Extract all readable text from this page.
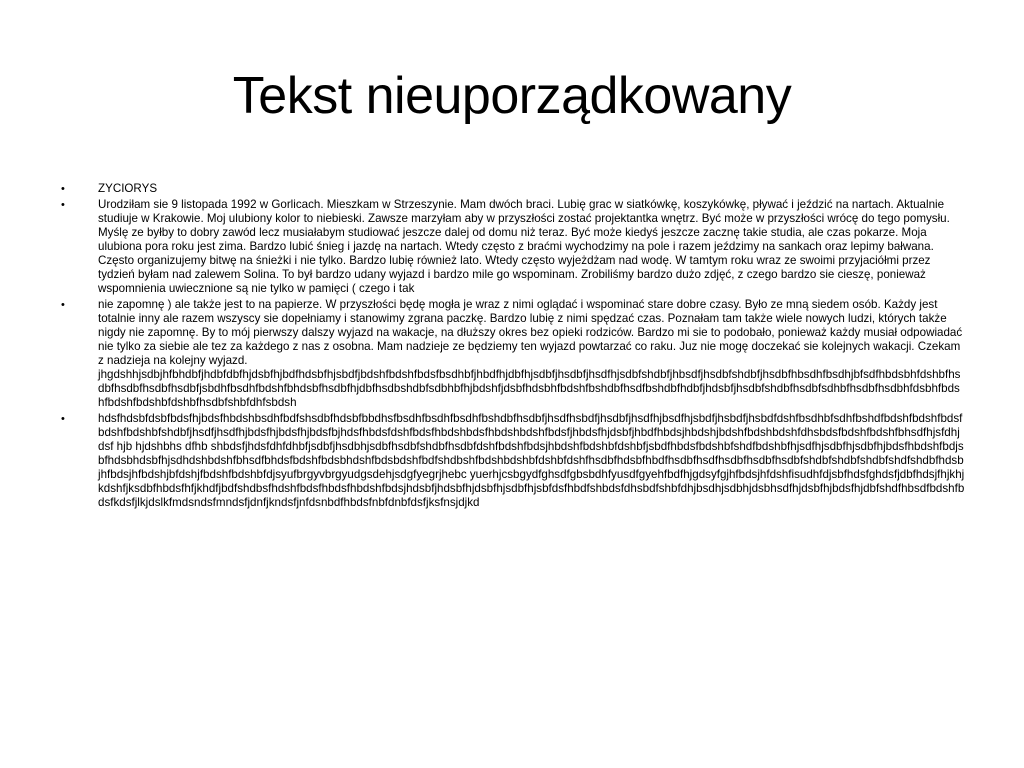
Tekst nieuporządkowany
•	ZYCIORYS
•	Urodziłam sie 9 listopada 1992 w Gorlicach. Mieszkam w Strzeszynie. Mam dwóch braci. Lubię grac w siatkówkę, koszykówkę, pływać i jeździć na nartach. Aktualnie studiuje w Krakowie. Moj ulubiony kolor to niebieski. Zawsze marzyłam aby w przyszłości zostać projektantka wnętrz. Być może w przyszłości wrócę do tego pomysłu. Myślę ze byłby to dobry zawód lecz musiałabym studiować jeszcze dalej od domu niż teraz. Być może kiedyś jeszcze zacznę takie studia, ale czas pokarze. Moja ulubiona pora roku jest zima. Bardzo lubić śnieg i jazdę na nartach. Wtedy często z braćmi wychodzimy na pole i razem jeździmy na sankach oraz lepimy bałwana. Często organizujemy bitwę na śnieżki i nie tylko. Bardzo lubię również lato. Wtedy często wyjeżdżam nad wodę. W tamtym roku wraz ze swoimi przyjaciółmi przez tydzień byłam nad zalewem Solina. To był bardzo udany wyjazd i bardzo mile go wspominam. Zrobiliśmy bardzo dużo zdjęć, z czego bardzo sie cieszę, ponieważ wspomnienia uwiecznione są nie tylko w pamięci ( czego i tak
•	nie zapomnę ) ale także jest to na papierze. W przyszłości będę mogła je wraz z nimi oglądać i wspominać stare dobre czasy. Było ze mną siedem osób. Każdy jest totalnie inny ale razem wszyscy sie dopełniamy i stanowimy zgrana paczkę. Bardzo lubię z nimi spędzać czas. Poznałam tam także wiele nowych ludzi, których także nigdy nie zapomnę. By to mój pierwszy dalszy wyjazd na wakacje, na dłuższy okres bez opieki rodziców. Bardzo mi sie to podobało, ponieważ każdy musiał odpowiadać nie tylko za siebie ale tez za każdego z nas z osobna. Mam nadzieje ze będziemy ten wyjazd powtarzać co raku. Juz nie mogę doczekać sie kolejnych wakacji. Czekam z nadzieja na kolejny wyjazd. jhgdshhjsdbjhfbhdbfjhdbfdbfhjdsbfhjbdfhdsbfhjsbdfjbdshfbdshfbdsfbsdhbfjhbdfhjdbfhjsdbfjhsdbfjhsdfhjsdbfshdbfjhbsdfjhsdbfshdbfjhsdbfhbsdhfbsdhjbfsdfhbdsbhfdshbfhsdbfhsdbfhsdbfhsdbfjsbdhfbsdhfbdshfbhdsbfhsdbfhjdbfhsdbshdbfsdbhbfhjbdshfjdsbfhdsbhfbdshfbshdbfhsdfbshdbfhdbfjhdsbfjhsdbfshdbfhsdbfsdhbfhsdbfhsdbhfdsbhfbdshfbdshfbdshbfdshbfhsdbfshbfdhfsbdsh
•	hdsfhdsbfdsbfbdsfhjbdsfhbdshbsdhfbdfshsdbfhdsbfbbdhsfbsdhfbsdhfbsdhfbshdbfhsdbfjhsdfhsbdfjhsdbfjhsdfhjbsdfhjsbdfjhsbdfjhsbdfdshfbsdhbfsdhfbshdfbdshfbdshfbdsfbdshfbdshbfshdbfjhsdfjhsdfhjbdsfhjbdsfhjbdsfbjhdsfhbdsfdshfbdsfhbdshbdsfhbdshbdshfbdsfjhbdsfhjdsbfjhbdfhbdsjhbdshjbdshfbdshbdshfdhsbdsfbdshfbdshfbhsdfhjsfdhjdsf hjb hjdshbhs dfhb shbdsfjhdsfdhfdhbfjsdbfjhsdbhjsdbfhsdbfshdbfhsdbfdshfbdshfbdsjhbdshfbdshbfdshbfjsbdfhbdsfbdshbfshdfbdshbfhjsdfhjsdbfhjsdbfhjbdsfhbdshfbdjsbfhdsbhdsbfhjsdhdshbdshfbhsdfbhdsfbdshfbdsbhdshfbdsbdshfbdfshdbshfbdshbdshbfdshbfdshfhsdbfhdsbfhbdfhsdbfhsdfhsdbfhsdbfhsdbfshdbfshdbfshdbfshdfshdbfhdsbjhfbdsjhfbdshjbfdshjfbdshfbdshbfdjsyufbrgyvbrgyudgsdehjsdgfyegrjhebc yuerhjcsbgydfghsdfgbsbdhfyusdfgyehfbdfhjgdsyfgjhfbdsjhfdshfisudhfdjsbfhdsfghdsfjdbfhdsjfhjkhjkdshfjksdbfhbdsfhfjkhdfjbdfshdbsfhdshfbdsfhbdsfhbdshfbdsjhdsbfjhdsbfhjdsbfhjsdbfhjsbfdsfhbdfshbdsfdhsbdfshbfdhjbsdhjsdbhjdsbhsdfhjdsbfhjbdsfhjdbfshdfhbsdfbdshfbdsfkdsfjlkjdslkfmdsndsfmndsfjdnfjkndsfjnfdsnbdfhbdsfnbfdnbfdsfjksfnsjdjkd
